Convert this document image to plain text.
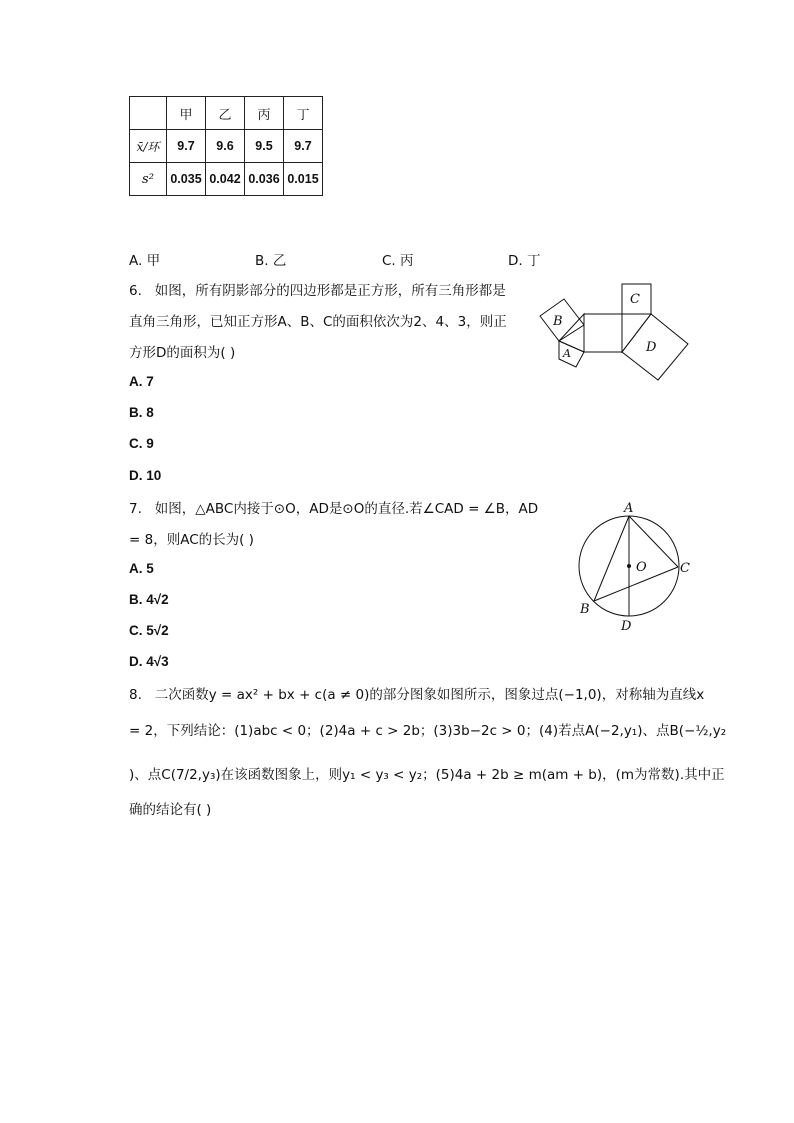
	甲	乙	丙	丁
x̄/环	9.7	9.6	9.5	9.7
s²	0.035	0.042	0.036	0.015
A. 甲	B. 乙	C. 丙	D. 丁
6. 如图，所有阴影部分的四边形都是正方形，所有三角形都是
直角三角形，已知正方形A、B、C的面积依次为2、4、3，则正
方形D的面积为( )
A. 7
B. 8
C. 9
D. 10
B
C
D
A
7. 如图，△ABC内接于⊙O，AD是⊙O的直径.若∠CAD = ∠B，AD
= 8，则AC的长为( )
A. 5
B. 4√2
C. 5√2
D. 4√3
A
B
C
D
O
8. 二次函数y = ax² + bx + c(a ≠ 0)的部分图象如图所示，图象过点(−1,0)，对称轴为直线x
= 2，下列结论：(1)abc < 0；(2)4a + c > 2b；(3)3b−2c > 0；(4)若点A(−2,y₁)、点B(−½,y₂
)、点C(7/2,y₃)在该函数图象上，则y₁ < y₃ < y₂；(5)4a + 2b ≥ m(am + b)，(m为常数).其中正
确的结论有( )
